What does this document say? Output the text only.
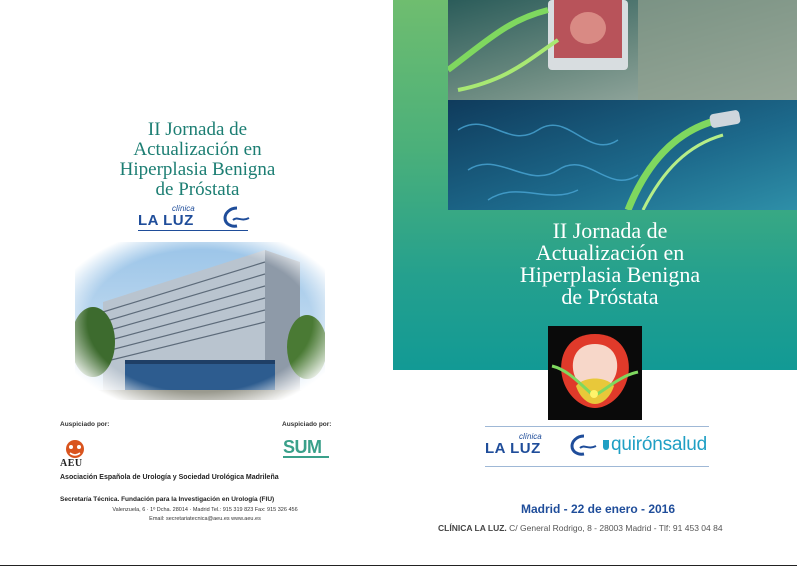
II Jornada de
Actualización en
Hiperplasia Benigna
de Próstata
clínica
LA LUZ
Auspiciado por:	Auspiciado por:
AEU
SUM
Asociación Española de Urología y Sociedad Urológica Madrileña
Secretaría Técnica. Fundación para la Investigación en Urología (FIU)
Valenzuela, 6 · 1º Dcha. 28014 · Madrid Tel.: 915 319 823 Fax: 915 326 456
Email: secretariatecnica@aeu.es www.aeu.es
II Jornada de
Actualización en
Hiperplasia Benigna
de Próstata
clínica
LA LUZ	quirónsalud
Madrid - 22 de enero - 2016
CLÍNICA LA LUZ. C/ General Rodrigo, 8 - 28003 Madrid - Tlf: 91 453 04 84
